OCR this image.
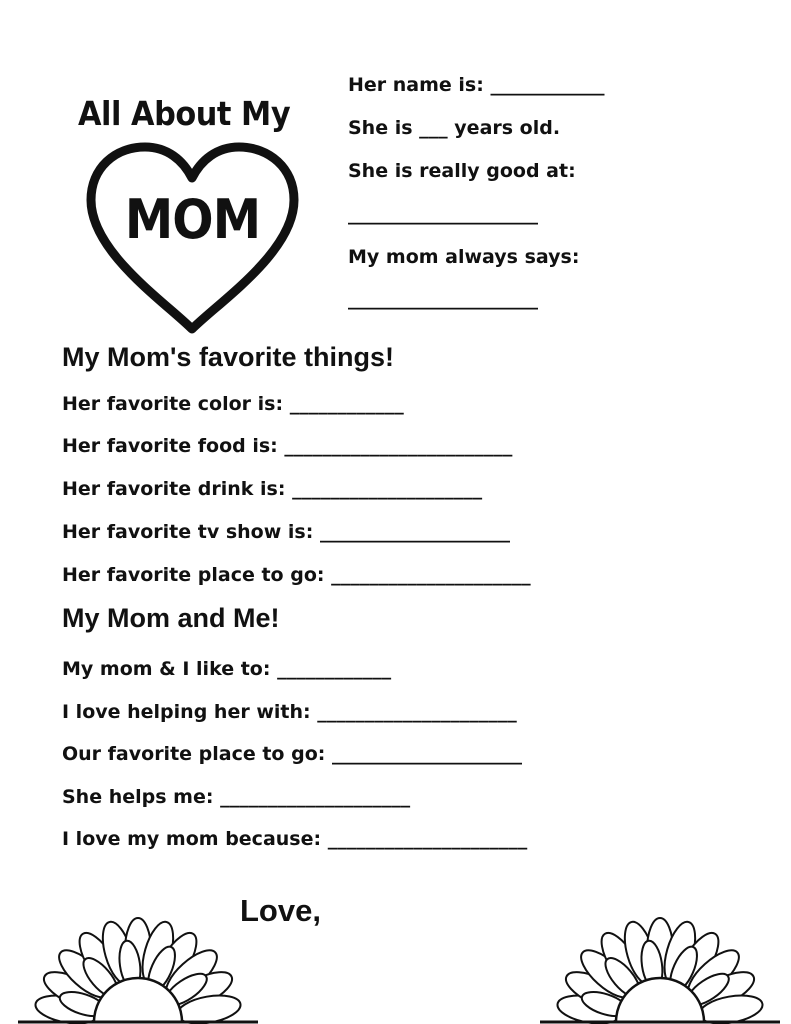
All About My
MOM
Her name is: ____________
She is ___ years old.
She is really good at:
____________________
My mom always says:
____________________
My Mom's favorite things!
Her favorite color is: ____________
Her favorite food is: ________________________
Her favorite drink is: ____________________
Her favorite tv show is: ____________________
Her favorite place to go: _____________________
My Mom and Me!
My mom & I like to: ____________
I love helping her with: _____________________
Our favorite place to go: ____________________
She helps me: ____________________
I love my mom because: _____________________
Love,
